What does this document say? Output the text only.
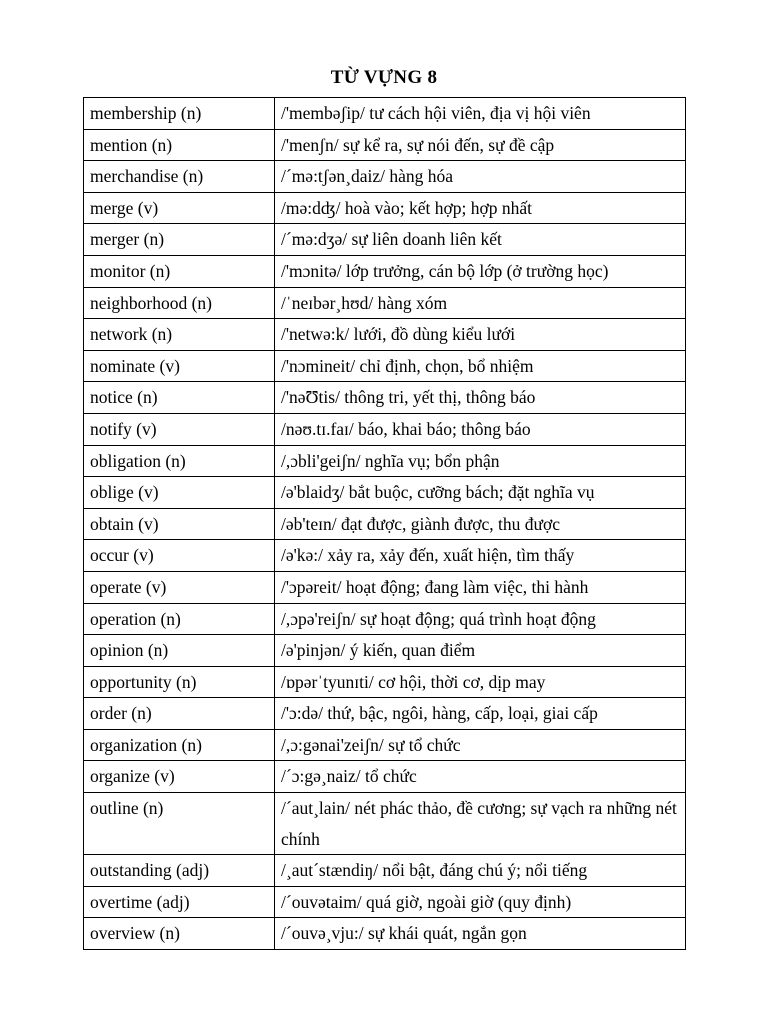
TỪ VỰNG 8
membership (n)	/'membəʃip/ tư cách hội viên, địa vị hội viên
mention (n)	/'menʃn/ sự kể ra, sự nói đến, sự đề cập
merchandise (n)	/´mə:tʃən¸daiz/ hàng hóa
merge (v)	/mə:dʤ/ hoà vào; kết hợp; hợp nhất
merger (n)	/´mə:dʒə/ sự liên doanh liên kết
monitor (n)	/'mɔnitə/ lớp trưởng, cán bộ lớp (ở trường học)
neighborhood (n)	/ˈneɪbər¸hʊd/ hàng xóm
network (n)	/'netwə:k/ lưới, đồ dùng kiểu lưới
nominate (v)	/'nɔmineit/ chỉ định, chọn, bổ nhiệm
notice (n)	/'nəƱtis/ thông tri, yết thị, thông báo
notify (v)	/nəʊ.tɪ.faɪ/ báo, khai báo; thông báo
obligation (n)	/,ɔbli'geiʃn/ nghĩa vụ; bổn phận
oblige (v)	/ə'blaidʒ/ bắt buộc, cưỡng bách; đặt nghĩa vụ
obtain (v)	/əb'teɪn/ đạt được, giành được, thu được
occur (v)	/ə'kə:/ xảy ra, xảy đến, xuất hiện, tìm thấy
operate (v)	/'ɔpəreit/ hoạt động; đang làm việc, thi hành
operation (n)	/,ɔpə'reiʃn/ sự hoạt động; quá trình hoạt động
opinion (n)	/ə'pinjən/ ý kiến, quan điểm
opportunity (n)	/ɒpərˈtyunɪti/ cơ hội, thời cơ, dịp may
order (n)	/'ɔ:də/ thứ, bậc, ngôi, hàng, cấp, loại, giai cấp
organization (n)	/,ɔ:gənai'zeiʃn/ sự tổ chức
organize (v)	/´ɔ:gə¸naiz/ tổ chức
outline (n)	/´aut¸lain/ nét phác thảo, đề cương; sự vạch ra những nét chính
outstanding (adj)	/¸aut´stændiŋ/ nổi bật, đáng chú ý; nổi tiếng
overtime (adj)	/´ouvətaim/ quá giờ, ngoài giờ (quy định)
overview (n)	/´ouvə¸vju:/ sự khái quát, ngắn gọn
